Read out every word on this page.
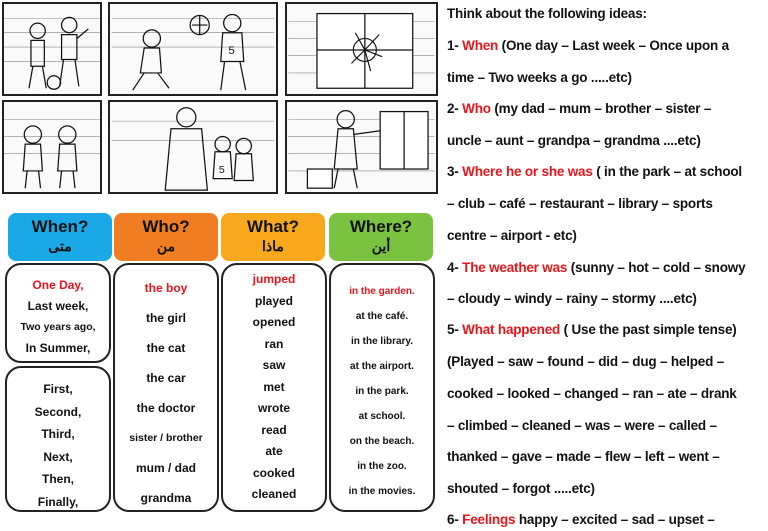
5
5
When?
متى
Who?
من
What?
ماذا
Where?
أين
One Day,
Last week,
Two years ago,
In Summer,
First,
Second,
Third,
Next,
Then,
Finally,
the boy
the girl
the cat
the car
the doctor
sister / brother
mum / dad
grandma
jumped
played
opened
ran
saw
met
wrote
read
ate
cooked
cleaned
in the garden.
at the café.
in the library.
at the airport.
in the park.
at school.
on the beach.
in the zoo.
in the movies.
Think about the following ideas:
1- When (One day – Last week – Once upon a
time – Two weeks a go .....etc)
2- Who (my dad – mum – brother – sister –
uncle – aunt – grandpa – grandma ....etc)
3- Where he or she was ( in the park – at school
– club – café – restaurant – library – sports
centre – airport - etc)
4- The weather was (sunny – hot – cold – snowy
– cloudy – windy – rainy – stormy ....etc)
5- What happened ( Use the past simple tense)
(Played – saw – found – did – dug – helped –
cooked – looked – changed – ran – ate – drank
– climbed – cleaned – was – were – called –
thanked – gave – made – flew – left – went –
shouted – forgot .....etc)
6- Feelings happy – excited – sad – upset –
